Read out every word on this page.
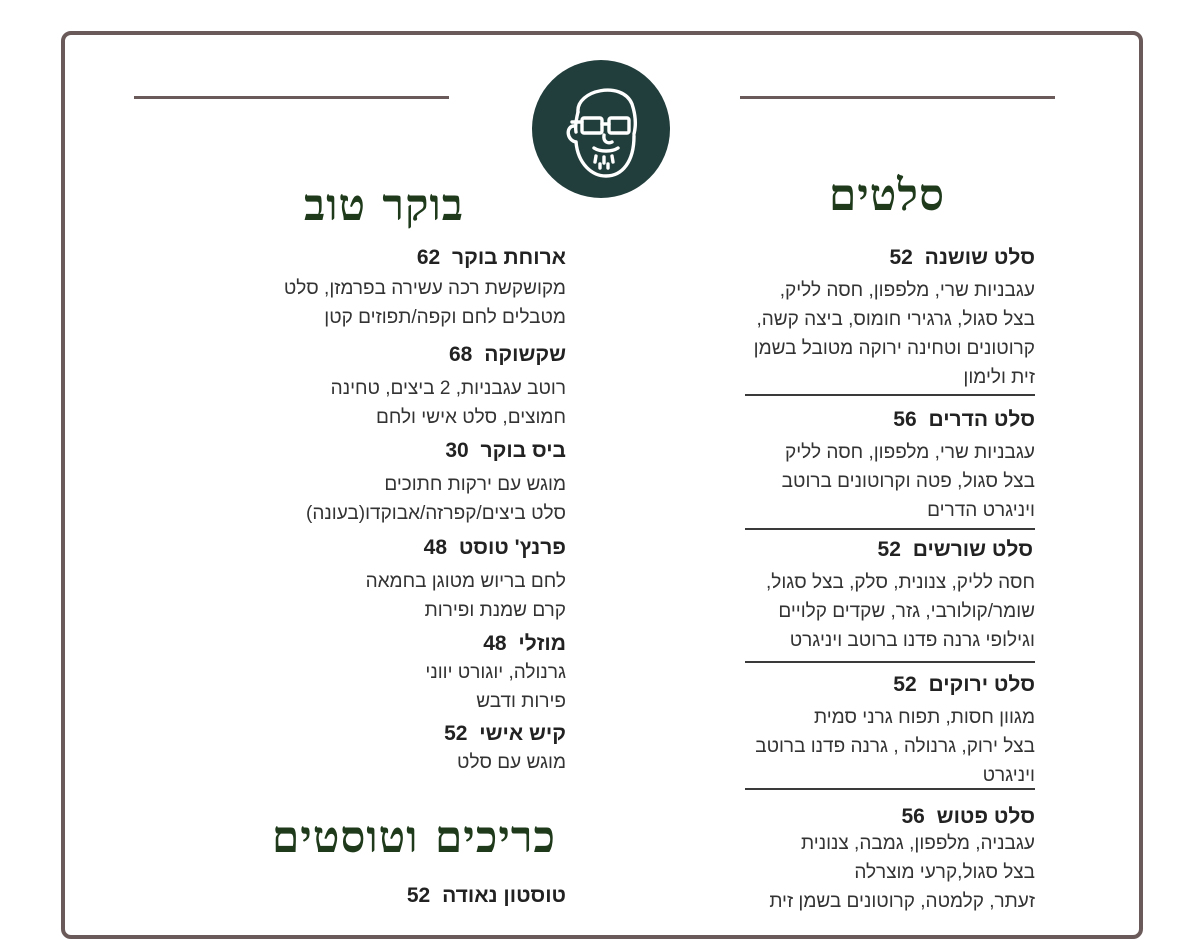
סלטים
סלט שושנה 52
עגבניות שרי, מלפפון, חסה לליק,
בצל סגול, גרגירי חומוס, ביצה קשה,
קרוטונים וטחינה ירוקה מטובל בשמן
זית ולימון
סלט הדרים 56
עגבניות שרי, מלפפון, חסה לליק
בצל סגול, פטה וקרוטונים ברוטב
ויניגרט הדרים
סלט שורשים 52
חסה לליק, צנונית, סלק, בצל סגול,
שומר/קולורבי, גזר, שקדים קלויים
וגילופי גרנה פדנו ברוטב ויניגרט
סלט ירוקים 52
מגוון חסות, תפוח גרני סמית
בצל ירוק, גרנולה , גרנה פדנו ברוטב
ויניגרט
סלט פטוש 56
עגבניה, מלפפון, גמבה, צנונית
בצל סגול,קרעי מוצרלה
זעתר, קלמטה, קרוטונים בשמן זית
בוקר טוב
ארוחת בוקר 62
מקושקשת רכה עשירה בפרמזן, סלט
מטבלים לחם וקפה/תפוזים קטן
שקשוקה 68
רוטב עגבניות, 2 ביצים, טחינה
חמוצים, סלט אישי ולחם
ביס בוקר 30
מוגש עם ירקות חתוכים
סלט ביצים/קפרזה/אבוקדו(בעונה)
פרנץ' טוסט 48
לחם בריוש מטוגן בחמאה
קרם שמנת ופירות
מוזלי 48
גרנולה, יוגורט יווני
פירות ודבש
קיש אישי 52
מוגש עם סלט
כריכים וטוסטים
טוסטון נאודה 52
